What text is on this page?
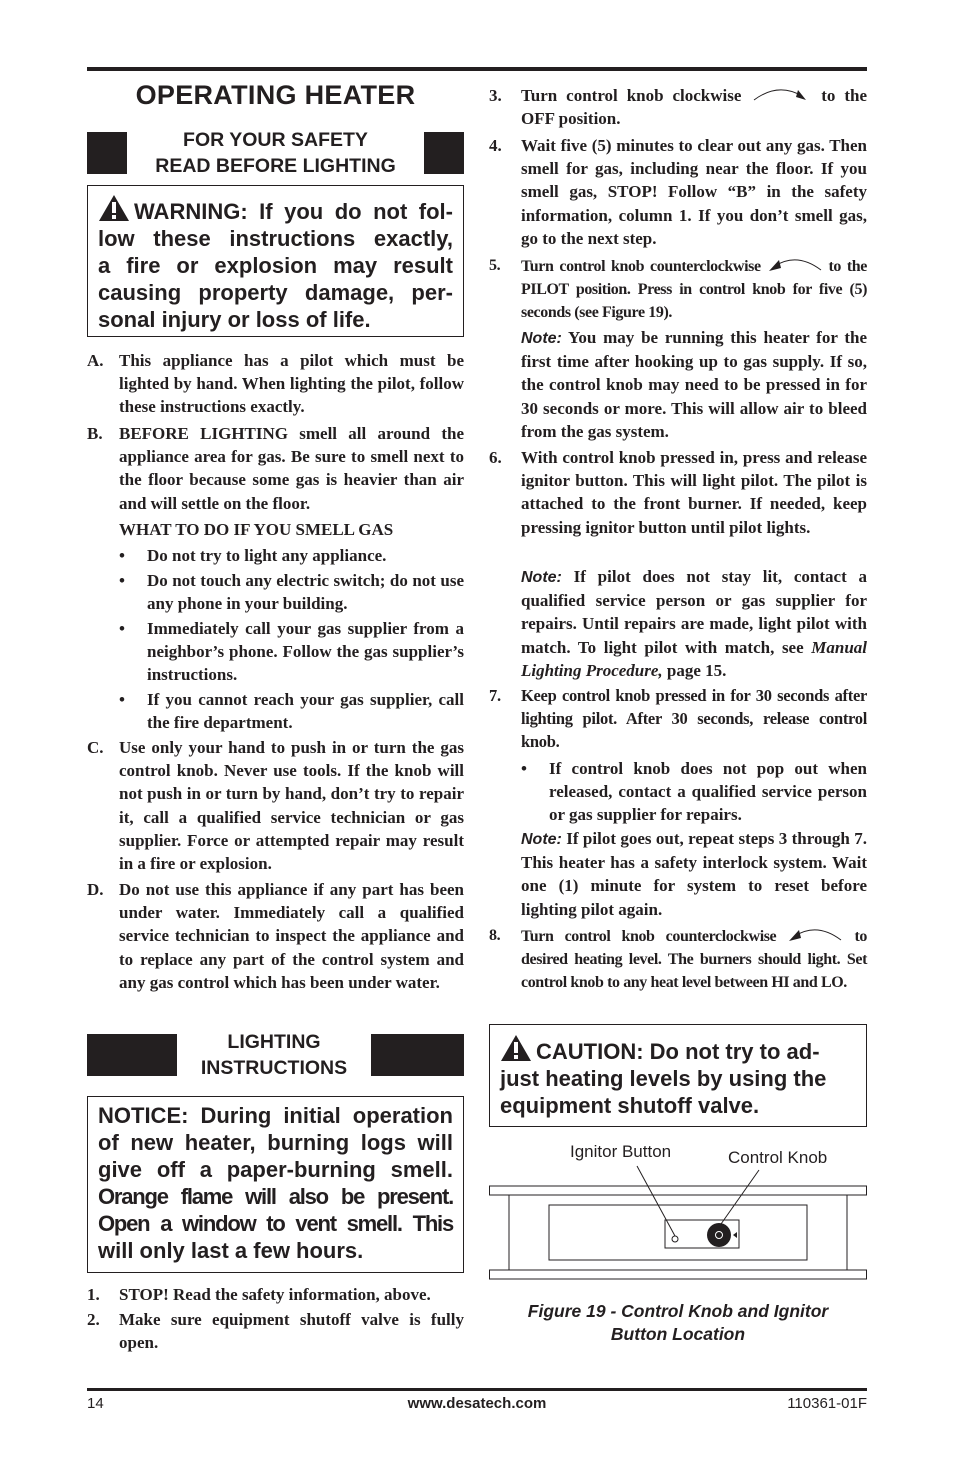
OPERATING HEATER
FOR YOUR SAFETY
READ BEFORE LIGHTING
WARNING: If you do not fol-
low these instructions exactly,
a fire or explosion may result
causing property damage, per-
sonal injury or loss of life.
A. This appliance has a pilot which must be lighted by hand. When lighting the pilot, follow these instructions exactly.
B. BEFORE LIGHTING smell all around the appliance area for gas. Be sure to smell next to the floor because some gas is heavier than air and will settle on the floor.
WHAT TO DO IF YOU SMELL GAS
• Do not try to light any appliance.
• Do not touch any electric switch; do not use any phone in your building.
• Immediately call your gas supplier from a neighbor’s phone. Follow the gas supplier’s instructions.
• If you cannot reach your gas supplier, call the fire department.
C. Use only your hand to push in or turn the gas control knob. Never use tools. If the knob will not push in or turn by hand, don’t try to repair it, call a qualified service technician or gas supplier. Force or attempted repair may result in a fire or explosion.
D. Do not use this appliance if any part has been under water. Immediately call a qualified service technician to inspect the appliance and to replace any part of the control system and any gas control which has been under water.
LIGHTING
INSTRUCTIONS
NOTICE: During initial operation
of new heater, burning logs will
give off a paper-burning smell.
Orange flame will also be present.
Open a window to vent smell. This
will only last a few hours.
1. STOP! Read the safety information, above.
2. Make sure equipment shutoff valve is fully open.
3. Turn control knob clockwise	to the OFF position.
4. Wait five (5) minutes to clear out any gas. Then smell for gas, including near the floor. If you smell gas, STOP! Follow “B” in the safety information, column 1. If you don’t smell gas, go to the next step.
5. Turn control knob counterclockwise	to the PILOT position. Press in control knob for five (5) seconds (see Figure 19).
Note: You may be running this heater for the first time after hooking up to gas supply. If so, the control knob may need to be pressed in for 30 seconds or more. This will allow air to bleed from the gas system.
6. With control knob pressed in, press and release ignitor button. This will light pilot. The pilot is attached to the front burner. If needed, keep pressing ignitor button until pilot lights.
Note: If pilot does not stay lit, contact a qualified service person or gas supplier for repairs. Until repairs are made, light pilot with match. To light pilot with match, see Manual Lighting Procedure, page 15.
7. Keep control knob pressed in for 30 seconds after lighting pilot. After 30 seconds, release control knob.
• If control knob does not pop out when released, contact a qualified service person or gas supplier for repairs.
Note: If pilot goes out, repeat steps 3 through 7. This heater has a safety interlock system. Wait one (1) minute for system to reset before lighting pilot again.
8. Turn control knob counterclockwise	to desired heating level. The burners should light. Set control knob to any heat level between HI and LO.
CAUTION: Do not try to ad-
just heating levels by using the
equipment shutoff valve.
Ignitor Button	Control Knob
Figure 19 - Control Knob and Ignitor
Button Location
14	www.desatech.com	110361-01F
